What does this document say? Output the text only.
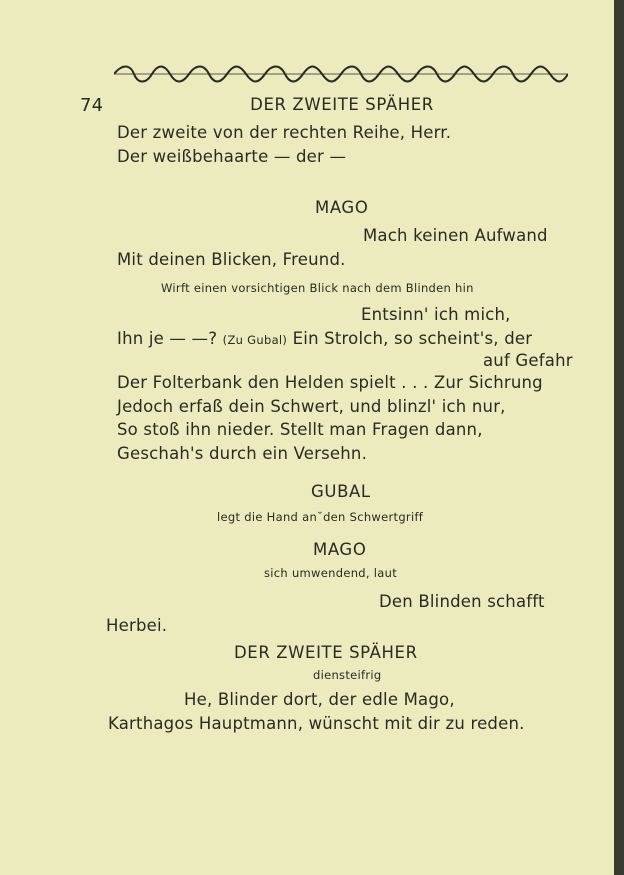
74	DER ZWEITE SPÄHER
Der zweite von der rechten Reihe, Herr.
Der weißbehaarte — der —
MAGO
Mach keinen Aufwand
Mit deinen Blicken, Freund.
Wirft einen vorsichtigen Blick nach dem Blinden hin
Entsinn' ich mich,
Ihn je — —? (Zu Gubal) Ein Strolch, so scheint's, der
auf Gefahr
Der Folterbank den Helden spielt . . . Zur Sichrung
Jedoch erfaß dein Schwert, und blinzl' ich nur,
So stoß ihn nieder. Stellt man Fragen dann,
Geschah's durch ein Versehn.
GUBAL
legt die Hand an˘den Schwertgriff
MAGO
sich umwendend, laut
Den Blinden schafft
Herbei.
DER ZWEITE SPÄHER
diensteifrig
He, Blinder dort, der edle Mago,
Karthagos Hauptmann, wünscht mit dir zu reden.
